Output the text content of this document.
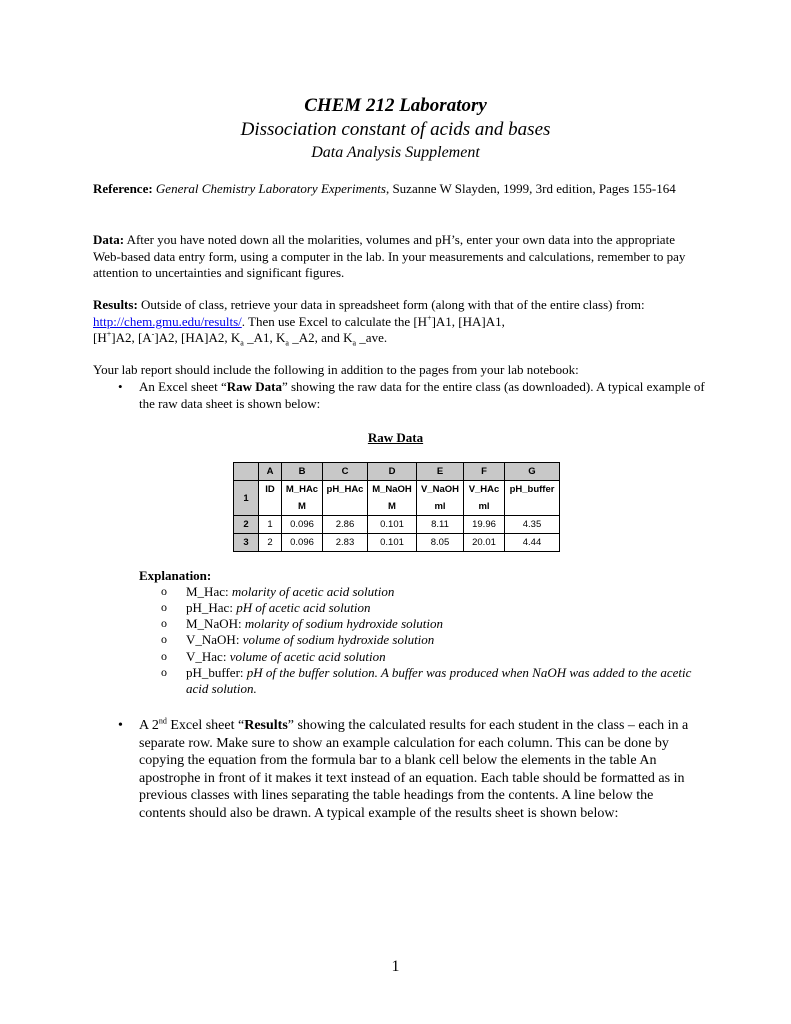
CHEM 212 Laboratory
Dissociation constant of acids and bases
Data Analysis Supplement
Reference: General Chemistry Laboratory Experiments, Suzanne W Slayden, 1999, 3rd edition, Pages 155-164
Data: After you have noted down all the molarities, volumes and pH’s, enter your own data into the appropriate Web-based data entry form, using a computer in the lab. In your measurements and calculations, remember to pay attention to uncertainties and significant figures.
Results: Outside of class, retrieve your data in spreadsheet form (along with that of the entire class) from: http://chem.gmu.edu/results/. Then use Excel to calculate the [H+]A1, [HA]A1,
[H+]A2, [A-]A2, [HA]A2, $K_a$ _A1, $K_a$ _A2, and $K_a$ _ave.
Your lab report should include the following in addition to the pages from your lab notebook:
• An Excel sheet “Raw Data” showing the raw data for the entire class (as downloaded). A typical example of the raw data sheet is shown below:
Raw Data
	A	B	C	D	E	F	G
1	ID	M_HAc	pH_HAc	M_NaOH	V_NaOH	V_HAc	pH_buffer
		M		M	ml	ml	
2	1	0.096	2.86	0.101	8.11	19.96	4.35
3	2	0.096	2.83	0.101	8.05	20.01	4.44
Explanation:
o M_Hac: molarity of acetic acid solution
o pH_Hac: pH of acetic acid solution
o M_NaOH: molarity of sodium hydroxide solution
o V_NaOH: volume of sodium hydroxide solution
o V_Hac: volume of acetic acid solution
o pH_buffer: pH of the buffer solution. A buffer was produced when NaOH was added to the acetic acid solution.
• A 2nd Excel sheet “Results” showing the calculated results for each student in the class – each in a separate row. Make sure to show an example calculation for each column. This can be done by copying the equation from the formula bar to a blank cell below the elements in the table An apostrophe in front of it makes it text instead of an equation. Each table should be formatted as in previous classes with lines separating the table headings from the contents. A line below the contents should also be drawn. A typical example of the results sheet is shown below:
1
